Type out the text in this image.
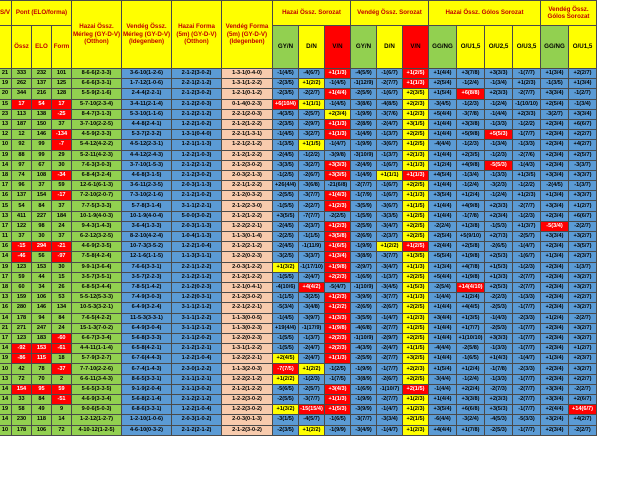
S/V	Pont (ELO/forma)			Hazai Össz. Mérleg (GY-D-V) (Otthon)	Vendég Össz. Mérleg (GY-D-V) (Idegenben)	Hazai Forma (5m) (GY-D-V) (Otthon)	Vendég Forma (5m) (GY-D-V) (Idegenben)	Hazai Össz. Sorozat			Vendég Össz. Sorozat			Hazai Össz. Gólos Sorozat				Vendég Össz. Gólos Sorozat	
	Össz	ELO	Form					GY/N	D/N	V/N	GY/N	D/N	V/N	GG/NG	O/U1,5	O/U2,5	O/U3,5	GG/NG	O/U1,5

21	333	232	101	8-6-6(2-3-3)	3-6-10(1-2-6)	2-1-2(3-0-2)	1-3-1(0-4-0)	-1(4/5)	-4(6/7)	+1(1/3)	-4(5/9)	-1(6/7)	+1(2/5)	+1(4/4)	+3(7/8)	+3(3/3)	-1(7/7)	+1(3/4)	+2(2/7)
19	262	137	125	6-6-6(3-3-1)	1-7-12(1-0-6)	2-2-1(2-1-2)	1-3-1(1-2-2)	-2(3/5)	+1(2/2)	-1(4/5)	-1(12/9)	-2(7/7)	+1(1/3)	+2(5/4)	-1(2/4)	-1(3/4)	+1(2/3)	-1(3/5)	+1(3/4)
20	344	216	128	5-5-9(2-1-6)	2-4-4(2-2-1)	2-1-2(3-0-2)	1-2-1(0-1-2)	-2(3/5)	-2(2/7)	+1(4/4)	-2(5/9)	-1(6/7)	+2(3/5)	+1(5/4)	+6(8/8)	+2(3/3)	-2(7/7)	+3(3/4)	-1(2/7)
15	17	54	17	5-7-10(2-3-4)	3-4-11(2-1-4)	2-1-2(2-0-3)	0-1-4(0-2-3)	+6(10/4)	+1(1/1)	-1(4/5)	-3(8/6)	-4(8/5)	+2(2/3)	-3(4/5)	-1(2/3)	-1(2/4)	-1(10/10)	+2(5/4)	-1(3/4)
23	113	138	-25	8-4-7(3-1-3)	5-3-10(1-1-6)	2-1-2(2-1-2)	2-2-1(2-0-3)	-4(3/5)	-2(5/7)	+2(3/4)	-1(9/9)	-3(7/6)	+1(2/3)	+5(4/4)	-3(7/8)	-1(4/4)	+2(3/3)	-3(2/7)	+3(3/4)
13	187	150	37	3-7-10(2-2-5)	4-4-8(2-4-1)	1-2-2(1-0-2)	2-1-2(1-2-2)	-2(3/5)	-2(9/7)	+1(1/3)	-2(8/9)	-2(4/7)	+3(1/5)	+1(4/4)	+3(3/8)	-1(3/3)	-1(2/2)	+2(3/4)	+6(6/7)
12	12	146	-134	4-5-9(2-3-3)	5-3-7(2-3-2)	1-3-1(0-4-0)	2-2-1(1-3-1)	-1(4/5)	-3(2/7)	+1(1/3)	-1(4/9)	-1(3/7)	+2(2/5)	+1(4/4)	+5(9/8)	+5(5/3)	-1(7/7)	+2(3/4)	+2(2/7)
10	92	99	-7	5-4-12(4-2-2)	4-5-12(2-3-1)	1-2-1(1-1-3)	1-2-1(2-1-2)	-1(3/5)	+1(1/5)	-1(4/7)	-1(9/9)	-3(6/7)	+1(2/5)	-4(4/4)	-1(2/3)	-1(3/4)	-1(3/3)	+2(3/4)	+4(2/7)
19	88	99	29	5-2-11(4-2-3)	4-4-12(2-4-3)	1-2-2(1-0-3)	2-1-2(1-2-2)	-2(4/5)	-1(2/2)	-3(9/8)	-3(10/9)	-1(3/7)	+2(1/3)	+1(4/4)	+2(3/5)	-1(2/3)	-2(7/6)	+2(3/4)	+2(5/7)
14	97	67	30	7-6-3(3-0-3)	3-7-10(1-5-3)	2-1-2(2-1-2)	2-1-2(3-0-2)	-3(3/5)	-3(2/7)	+3(3/3)	-2(4/9)	-1(6/7)	+1(1/3)	+1(2/4)	+4(9/8)	-5(5/3)	-1(4/3)	+2(3/4)	-3(3/7)
18	74	108	-34	6-8-4(3-2-4)	4-6-8(3-1-5)	2-1-2(3-0-2)	2-0-3(2-1-3)	-1(2/5)	-2(6/7)	+3(3/5)	-1(4/9)	+1(1/1)	+1(1/3)	+4(5/4)	-1(3/4)	-1(3/3)	+1(3/5)	+3(3/4)	+3(3/7)
17	96	37	59	12-6-1(6-1-3)	3-6-11(2-3-5)	2-0-3(1-1-3)	2-2-1(1-2-2)	+26(4/4)	-3(6/8)	-21(6/8)	-2(7/7)	-1(6/7)	+2(2/5)	+1(4/4)	-1(2/4)	-3(2/3)	-1(2/2)	-2(4/5)	-1(3/7)
16	137	154	-17	7-2-10(2-0-7)	7-3-10(2-1-6)	2-1-2(1-0-2)	2-1-2(0-3-2)	-2(5/5)	-3(7/7)	+1(4/3)	-1(7/9)	-1(6/7)	+1(1/3)	+3(5/4)	+1(2/4)	-1(2/4)	+1(2/3)	+1(3/4)	+3(3/7)
15	54	84	37	7-7-5(3-3-3)	5-7-8(3-1-4)	3-1-1(2-2-1)	2-1-2(2-3-0)	-1(5/5)	-2(2/7)	+1(2/3)	-3(5/9)	-3(6/7)	+1(1/5)	+1(4/4)	+4(9/8)	+2(3/3)	-2(7/7)	+3(3/4)	+1(2/7)
13	411	227	184	10-1-9(4-0-3)	10-1-9(4-0-4)	5-0-0(3-0-2)	2-1-2(1-2-2)	+3(5/5)	-7(7/7)	-2(2/5)	-1(5/9)	-3(3/5)	+1(2/5)	+1(4/4)	-1(7/8)	+2(3/4)	-1(2/3)	+2(3/4)	+6(6/7)
17	122	98	24	9-4-3(1-4-3)	3-6-4(1-3-3)	2-0-3(1-1-3)	1-2-2(2-2-1)	-2(4/5)	-2(3/7)	+1(2/3)	-2(5/9)	-3(4/7)	+2(2/5)	-2(2/4)	+1(3/8)	-1(5/3)	+1(3/7)	-5(3/4)	-2(2/7)
11	37	30	37	6-2-12(3-2-5)	8-2-10(4-2-4)	1-0-4(1-1-3)	1-1-3(0-1-4)	-2(2/5)	-1(1/5)	+3(5/8)	-2(6/9)	-2(3/7)	+2(2/5)	+2(5/4)	+5(9/10)	+2(7/3)	-2(5/7)	+3(3/4)	+3(2/7)
16	-15	294	-21	4-6-9(2-3-5)	10-7-3(3-5-2)	1-2-2(1-0-4)	2-1-2(2-1-2)	-2(4/5)	-1(11/9)	+1(6/5)	-1(9/9)	+1(2/2)	+1(2/5)	+2(4/4)	+2(5/8)	-2(6/5)	-1(4/7)	+2(3/4)	+3(5/7)
14	-46	56	-97	7-5-8(4-2-4)	12-1-6(1-1-5)	1-1-3(3-1-1)	1-2-2(0-2-3)	-3(2/5)	-3(3/7)	+1(3/4)	-3(8/9)	-3(7/7)	+1(3/5)	+5(5/4)	+1(9/8)	+2(5/3)	-1(6/7)	+1(3/4)	+2(3/7)
19	123	153	30	9-9-1(3-6-4)	7-6-6(3-3-1)	2-2-1(1-2-2)	2-0-3(1-2-2)	+1(3/2)	-1(17/10)	+1(9/8)	-2(9/7)	-3(4/7)	+1(1/3)	+1(3/4)	+4(7/8)	+1(5/3)	-1(2/3)	+2(3/4)	-1(3/7)
17	59	44	15	3-5-7(3-5-1)	3-5-7(2-2-3)	2-1-2(2-1-2)	2-1-2(1-2-2)	-1(5/5)	-2(4/7)	+2(2/3)	-1(6/9)	-1(3/7)	+2(2/5)	+5(4/4)	+1(9/8)	+1(3/3)	-2(7/7)	+2(3/4)	+3(2/7)
18	60	34	26	6-8-5(3-4-4)	7-8-5(1-4-2)	2-1-2(0-2-3)	1-2-1(0-4-1)	-4(10/6)	+4(4/2)	-5(4/7)	-1(10/9)	-3(4/5)	+1(5/3)	-2(5/4)	+14(4/10)	+2(5/3)	-2(7/7)	+2(3/4)	+3(2/7)
13	159	106	53	5-5-12(5-3-3)	7-4-9(3-0-3)	1-2-2(0-3-1)	2-1-2(3-0-2)	-1(1/5)	-3(2/5)	+1(2/3)	-3(9/9)	-3(7/7)	+1(1/3)	-1(4/4)	+1(2/4)	-2(2/3)	-1(3/3)	+2(3/4)	+2(2/7)
16	280	146	134	10-5-3(3-2-1)	6-4-9(3-2-4)	3-1-1(2-1-2)	2-2-1(2-2-1)	-5(3/4)	-3(4/8)	+1(2/2)	-2(6/9)	-2(6/7)	+2(2/5)	+1(4/4)	+4(4/5)	-2(5/3)	-1(7/7)	+2(3/4)	+3(2/7)
14	178	94	84	7-6-5(4-2-2)	11-5-3(3-3-1)	3-1-1(1-2-2)	1-1-3(0-0-5)	-1(4/5)	-3(9/7)	+1(3/3)	-3(5/9)	-1(4/7)	+1(2/3)	+3(4/4)	+1(3/5)	-1(4/3)	-2(3/3)	+1(2/4)	-2(2/7)
21	271	247	24	15-1-3(7-0-2)	6-4-9(3-0-4)	3-1-1(2-1-2)	1-1-3(0-2-3)	+19(4/4)	-1(17/9)	+1(9/8)	-4(6/8)	-2(7/7)	+1(2/5)	+1(4/4)	+1(7/7)	-2(5/3)	-1(7/7)	+2(3/4)	+3(2/7)
17	123	183	-60	6-6-7(3-3-4)	5-6-8(3-3-3)	2-1-1(2-0-2)	1-2-2(0-2-3)	-1(5/5)	-1(3/7)	+2(2/3)	-1(10/9)	-2(9/7)	+2(2/5)	+1(4/4)	+1(10/10)	+3(3/3)	-1(7/7)	+2(3/4)	+3(2/7)
14	-92	153	-61	4-4-11(1-1-4)	6-5-8(4-2-1)	2-1-2(1-2-1)	1-3-1(1-2-2)	-1(5/5)	-2(4/7)	+2(2/3)	-4(3/9)	-2(4/7)	+1(1/5)	-4(4/4)	-2(5/8)	-1(3/3)	-1(7/7)	+2(3/4)	+1(2/7)
19	-86	115	18	5-7-9(3-2-7)	6-7-6(4-4-3)	1-2-2(1-0-4)	1-2-2(2-2-1)	+2(4/5)	-2(4/7)	+1(1/3)	-2(5/9)	-2(7/7)	+3(2/5)	+1(4/4)	-1(6/5)	+1(4/3)	-1(4/7)	+1(3/4)	+2(3/7)
10	42	78	-37	7-7-10(2-2-6)	6-7-4(1-4-3)	2-3-0(1-2-2)	1-1-3(2-0-3)	-7(7/5)	+1(2/2)	-1(2/5)	-1(9/9)	-1(7/7)	+2(2/3)	+1(5/4)	+1(2/4)	-1(7/8)	-2(3/3)	+2(3/4)	+3(2/7)
13	72	70	2	6-6-11(3-4-3)	8-6-5(3-3-1)	2-1-1(1-2-1)	1-2-2(2-1-2)	+1(2/2)	-1(2/3)	-1(7/5)	-3(8/9)	-2(6/7)	+2(2/5)	-3(4/4)	-1(2/4)	-1(3/3)	-1(7/7)	+2(3/4)	+2(2/7)
14	154	95	59	5-6-5(3-3-5)	9-1-9(2-0-4)	2-1-1(3-0-2)	2-1-2(1-2-2)	-5(6/5)	-2(5/7)	+3(4/3)	-1(6/9)	-1(10/7)	+2(1/5)	-1(4/4)	+2(2/4)	-2(7/3)	-2(7/7)	+3(3/4)	-2(2/7)
14	33	84	-51	4-6-9(3-3-4)	5-6-8(2-1-4)	2-1-2(2-1-2)	1-2-2(3-0-2)	-2(5/5)	-3(7/7)	+1(1/3)	-1(9/9)	-2(7/7)	+1(2/3)	+1(4/4)	+3(3/8)	+2(3/3)	-2(7/7)	+3(3/4)	+2(6/7)
19	58	49	9	9-0-6(5-0-3)	6-8-6(3-3-1)	1-2-2(1-0-4)	1-2-2(3-0-2)	+1(3/2)	-15(15/4)	+1(5/3)	-3(9/9)	-1(4/7)	+1(2/3)	+3(5/4)	+6(6/8)	+3(5/3)	-1(7/7)	+2(4/4)	+14(6/7)
14	230	118	14	1-2-12(1-2-7)	1-2-10(1-0-6)	2-0-3(1-0-2)	2-0-3(0-1-3)	-3(1/5)	-4(5/7)	-1(6/5)	-3(7/7)	-3(3/4)	+2(1/5)	-6(4/4)	-3(2/4)	-4(5/3)	-5(3/3)	+3(2/4)	+4(2/7)
10	178	106	72	4-10-12(1-2-5)	4-6-10(0-3-2)	2-1-2(2-1-2)	2-1-2(3-0-2)	-2(3/5)	+1(2/2)	-1(9/9)	-3(4/9)	-1(4/7)	+1(2/3)	+4(4/4)	+1(7/8)	-2(5/3)	-1(7/7)	+2(3/4)	-2(2/7)
